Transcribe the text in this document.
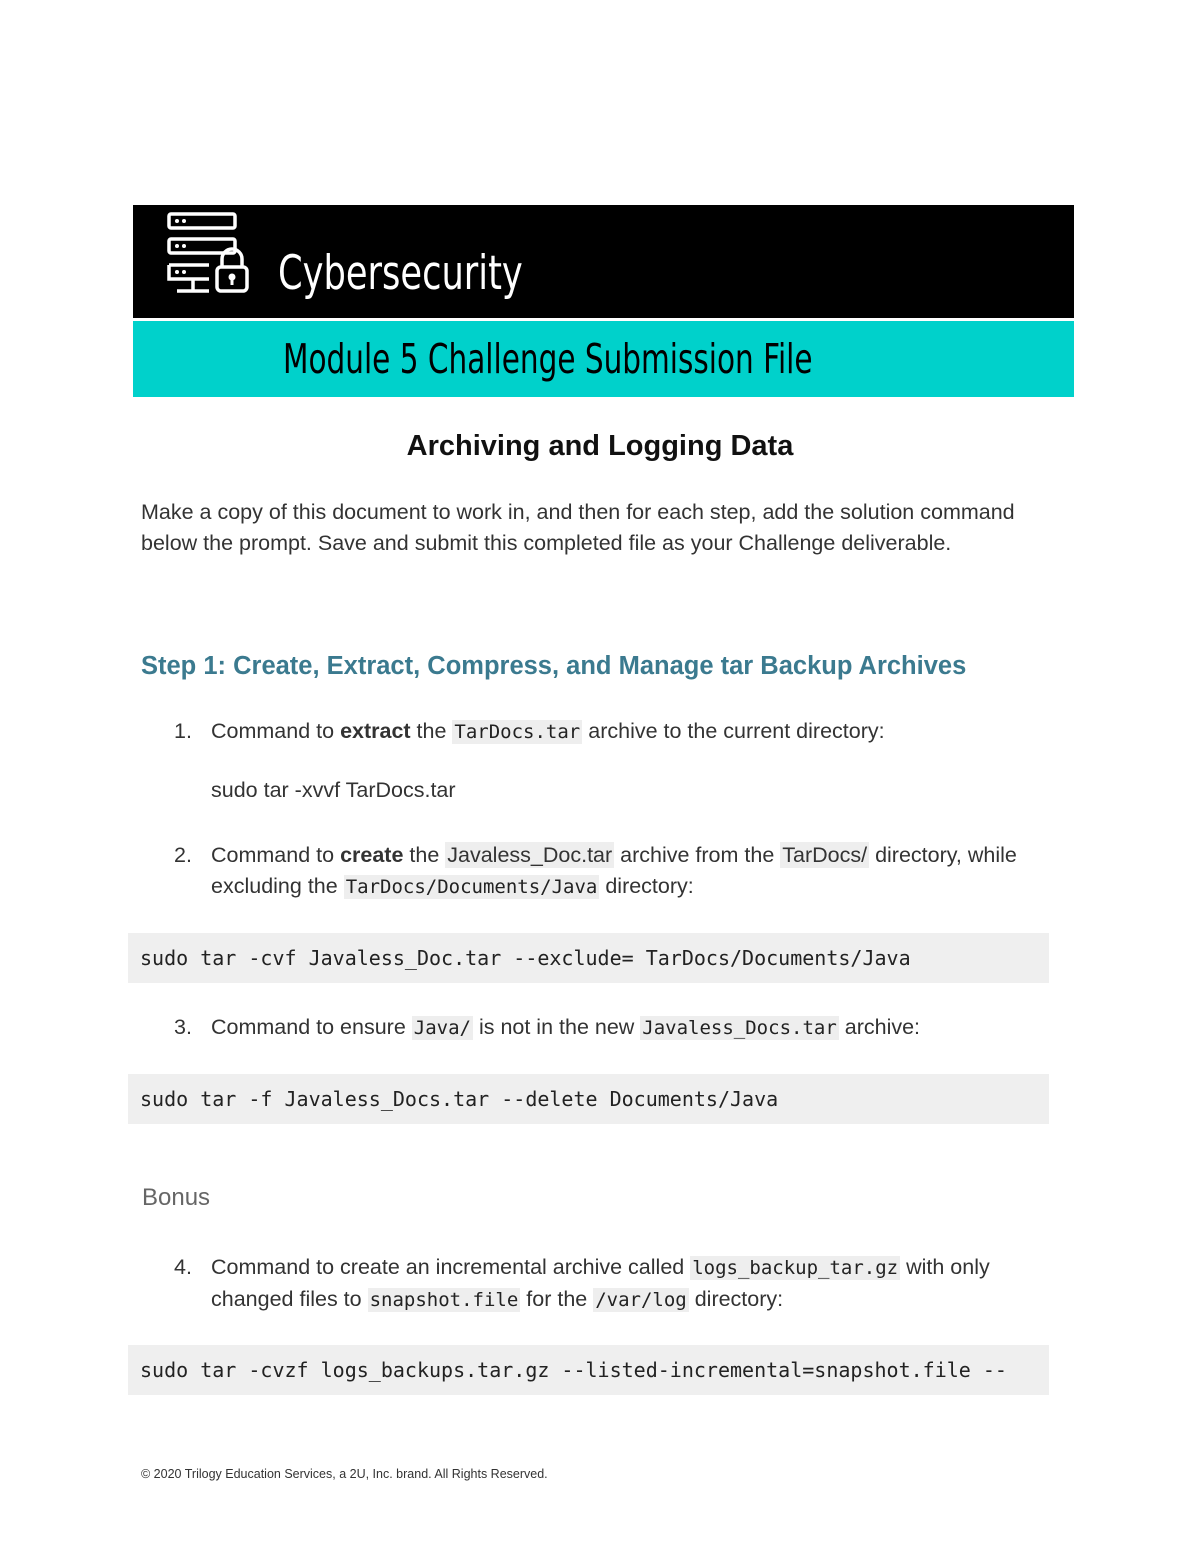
Cybersecurity
Module 5 Challenge Submission File
Archiving and Logging Data
Make a copy of this document to work in, and then for each step, add the solution command below the prompt. Save and submit this completed file as your Challenge deliverable.
Step 1: Create, Extract, Compress, and Manage tar Backup Archives
1. Command to extract the TarDocs.tar archive to the current directory:
sudo tar -xvvf TarDocs.tar
2. Command to create the Javaless_Doc.tar archive from the TarDocs/ directory, while excluding the TarDocs/Documents/Java directory:
sudo tar -cvf Javaless_Doc.tar --exclude= TarDocs/Documents/Java
3. Command to ensure Java/ is not in the new Javaless_Docs.tar archive:
sudo tar -f Javaless_Docs.tar --delete Documents/Java
Bonus
4. Command to create an incremental archive called logs_backup_tar.gz with only changed files to snapshot.file for the /var/log directory:
sudo tar -cvzf logs_backups.tar.gz --listed-incremental=snapshot.file --
© 2020 Trilogy Education Services, a 2U, Inc. brand. All Rights Reserved.
